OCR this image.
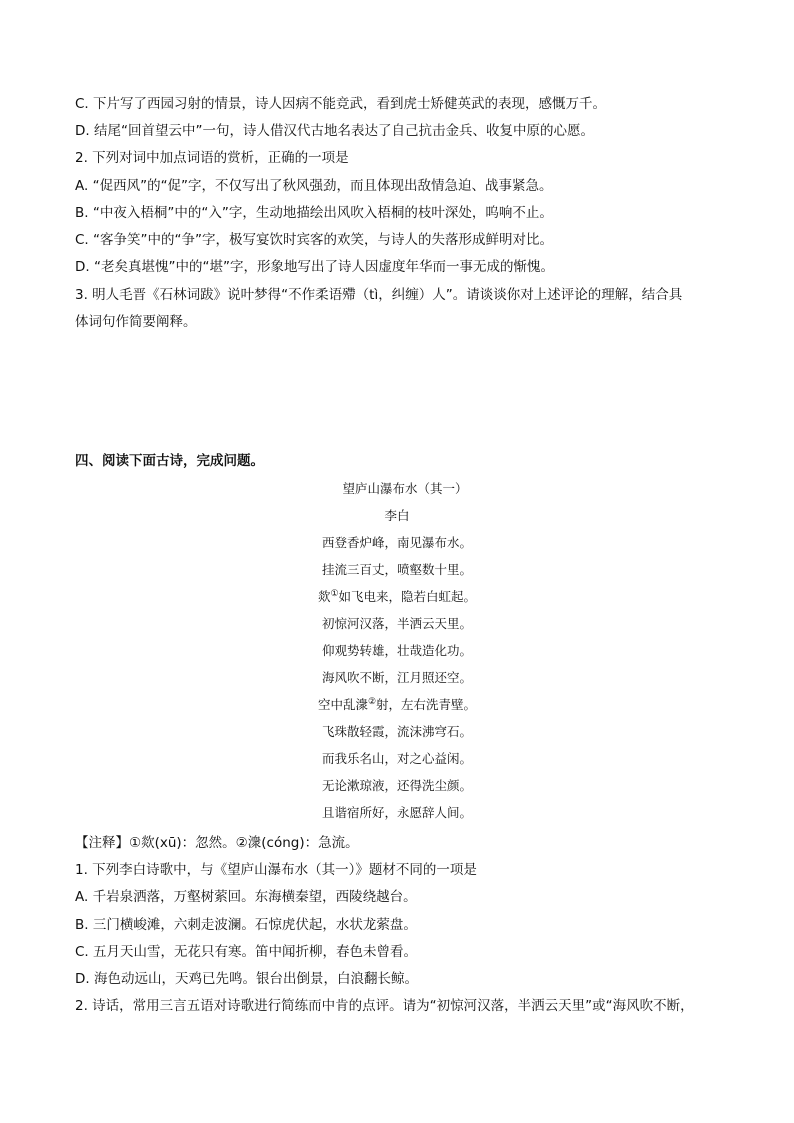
C. 下片写了西园习射的情景，诗人因病不能竞武，看到虎士矫健英武的表现，感慨万千。
D. 结尾“回首望云中”一句，诗人借汉代古地名表达了自己抗击金兵、收复中原的心愿。
2. 下列对词中加点词语的赏析，正确的一项是
A. “促西风”的“促”字，不仅写出了秋风强劲，而且体现出敌情急迫、战事紧急。
B. “中夜入梧桐”中的“入”字，生动地描绘出风吹入梧桐的枝叶深处，呜响不止。
C. “客争笑”中的“争”字，极写宴饮时宾客的欢笑，与诗人的失落形成鲜明对比。
D. “老矣真堪愧”中的“堪”字，形象地写出了诗人因虚度年华而一事无成的惭愧。
3. 明人毛晋《石林词跋》说叶梦得“不作柔语殢（tì，纠缠）人”。请谈谈你对上述评论的理解，结合具
体词句作简要阐释。
四、阅读下面古诗，完成问题。
望庐山瀑布水（其一）
李白
西登香炉峰，南见瀑布水。
挂流三百丈，喷壑数十里。
欻①如飞电来，隐若白虹起。
初惊河汉落，半洒云天里。
仰观势转雄，壮哉造化功。
海风吹不断，江月照还空。
空中乱潨②射，左右洗青壁。
飞珠散轻霞，流沫沸穹石。
而我乐名山，对之心益闲。
无论漱琼液，还得洗尘颜。
且谐宿所好，永愿辞人间。
【注释】①欻(xū)：忽然。②潨(cóng)：急流。
1. 下列李白诗歌中，与《望庐山瀑布水（其一）》题材不同的一项是
A. 千岩泉洒落，万壑树萦回。东海横秦望，西陵绕越台。
B. 三门横峻滩，六刺走波澜。石惊虎伏起，水状龙萦盘。
C. 五月天山雪，无花只有寒。笛中闻折柳，春色未曾看。
D. 海色动远山，天鸡已先鸣。银台出倒景，白浪翻长鲸。
2. 诗话，常用三言五语对诗歌进行简练而中肯的点评。请为“初惊河汉落，半洒云天里”或“海风吹不断，
